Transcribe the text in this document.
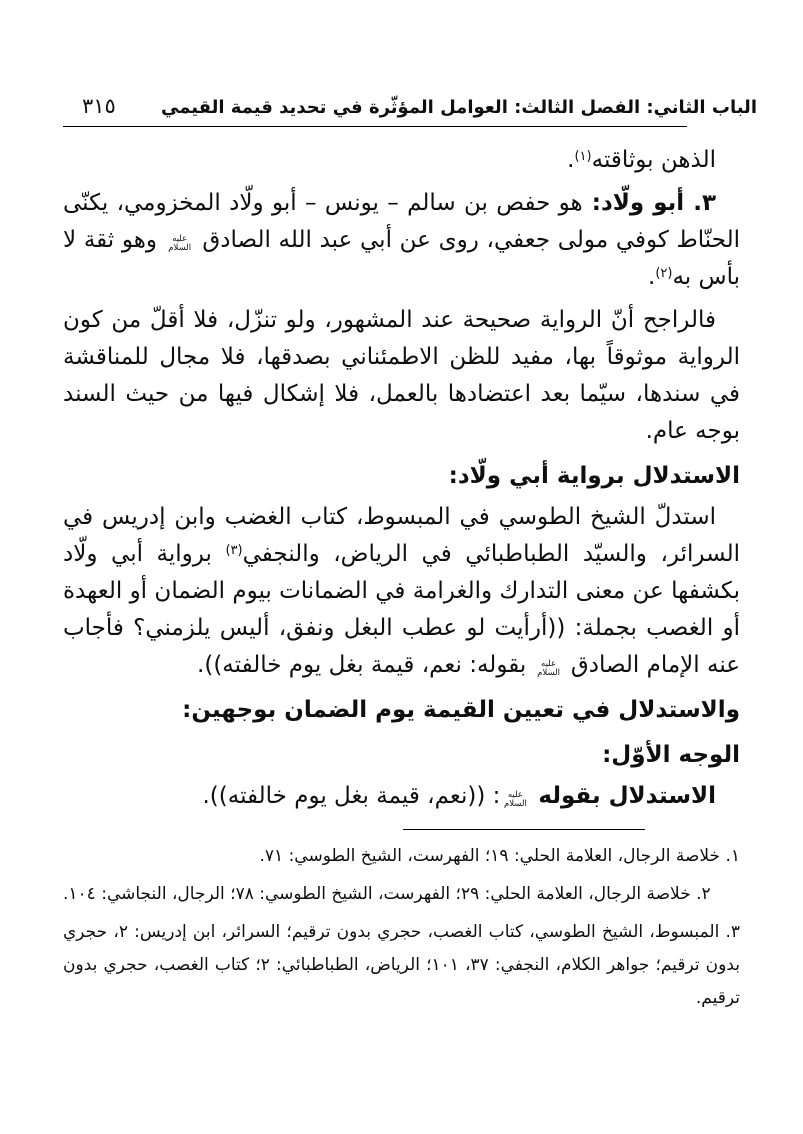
الباب الثاني: الفصل الثالث: العوامل المؤثّرة في تحديد قيمة القيمي
٣١٥

الذهن بوثاقته$^{(١)}$.

٣. أبو ولّاد: هو حفص بن سالم – يونس – أبو ولّاد المخزومي، يكنّى الحنّاط كوفي مولى جعفي، روى عن أبي عبد الله الصادق عليه السلام وهو ثقة لا بأس به$^{(٢)}$.

فالراجح أنّ الرواية صحيحة عند المشهور، ولو تنزّل، فلا أقلّ من كون الرواية موثوقاً بها، مفيد للظن الاطمئناني بصدقها، فلا مجال للمناقشة في سندها، سيّما بعد اعتضادها بالعمل، فلا إشكال فيها من حيث السند بوجه عام.

الاستدلال برواية أبي ولّاد:

استدلّ الشيخ الطوسي في المبسوط، كتاب الغضب وابن إدريس في السرائر، والسيّد الطباطبائي في الرياض، والنجفي$^{(٣)}$ برواية أبي ولّاد بكشفها عن معنى التدارك والغرامة في الضمانات بيوم الضمان أو العهدة أو الغصب بجملة: ((أرأيت لو عطب البغل ونفق، أليس يلزمني؟ فأجاب عنه الإمام الصادق عليه السلام بقوله: نعم، قيمة بغل يوم خالفته)).

والاستدلال في تعيين القيمة يوم الضمان بوجهين:

الوجه الأوّل:

الاستدلال بقوله عليه السلام: ((نعم، قيمة بغل يوم خالفته)).

١. خلاصة الرجال، العلامة الحلي: ١٩؛ الفهرست، الشيخ الطوسي: ٧١.

٢. خلاصة الرجال، العلامة الحلي: ٢٩؛ الفهرست، الشيخ الطوسي: ٧٨؛ الرجال، النجاشي: ١٠٤.

٣. المبسوط، الشيخ الطوسي، كتاب الغصب، حجري بدون ترقيم؛ السرائر، ابن إدريس: ٢، حجري بدون ترقيم؛ جواهر الكلام، النجفي: ٣٧، ١٠١؛ الرياض، الطباطبائي: ٢؛ كتاب الغصب، حجري بدون ترقيم.
